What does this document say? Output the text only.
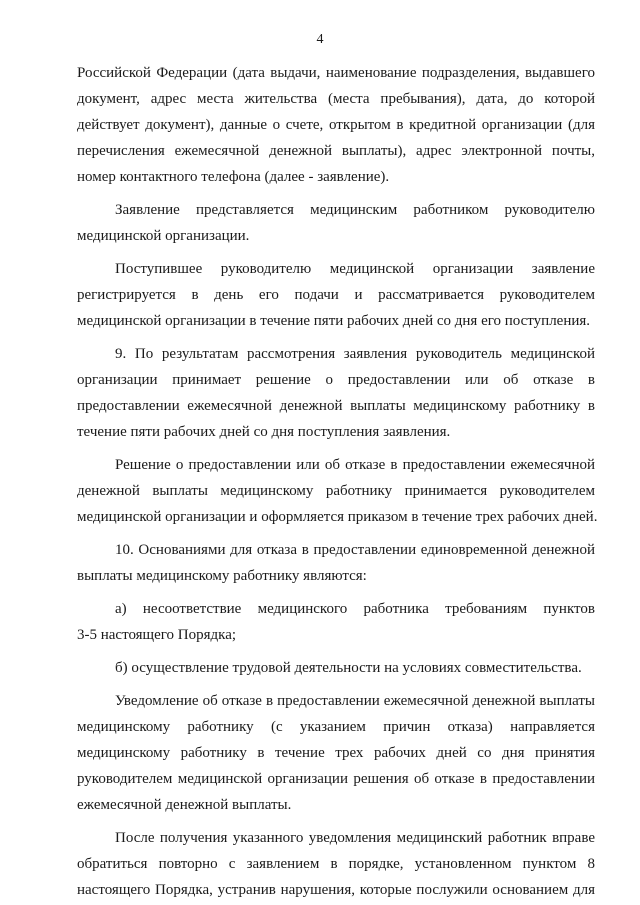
4
Российской Федерации (дата выдачи, наименование подразделения, выдавшего
документ, адрес места жительства (места пребывания), дата, до которой
действует документ), данные о счете, открытом в кредитной организации (для
перечисления ежемесячной денежной выплаты), адрес электронной почты,
номер контактного телефона (далее - заявление).
Заявление представляется медицинским работником руководителю
медицинской организации.
Поступившее руководителю медицинской организации заявление
регистрируется в день его подачи и рассматривается руководителем
медицинской организации в течение пяти рабочих дней со дня его поступления.
9. По результатам рассмотрения заявления руководитель медицинской
организации принимает решение о предоставлении или об отказе в
предоставлении ежемесячной денежной выплаты медицинскому работнику в
течение пяти рабочих дней со дня поступления заявления.
Решение о предоставлении или об отказе в предоставлении ежемесячной
денежной выплаты медицинскому работнику принимается руководителем
медицинской организации и оформляется приказом в течение трех рабочих дней.
10. Основаниями для отказа в предоставлении единовременной денежной
выплаты медицинскому работнику являются:
а) несоответствие медицинского работника требованиям пунктов
3-5 настоящего Порядка;
б) осуществление трудовой деятельности на условиях совместительства.
Уведомление об отказе в предоставлении ежемесячной денежной выплаты
медицинскому работнику (с указанием причин отказа) направляется
медицинскому работнику в течение трех рабочих дней со дня принятия
руководителем медицинской организации решения об отказе в предоставлении
ежемесячной денежной выплаты.
После получения указанного уведомления медицинский работник вправе
обратиться повторно с заявлением в порядке, установленном пунктом 8
настоящего Порядка, устранив нарушения, которые послужили основанием для
